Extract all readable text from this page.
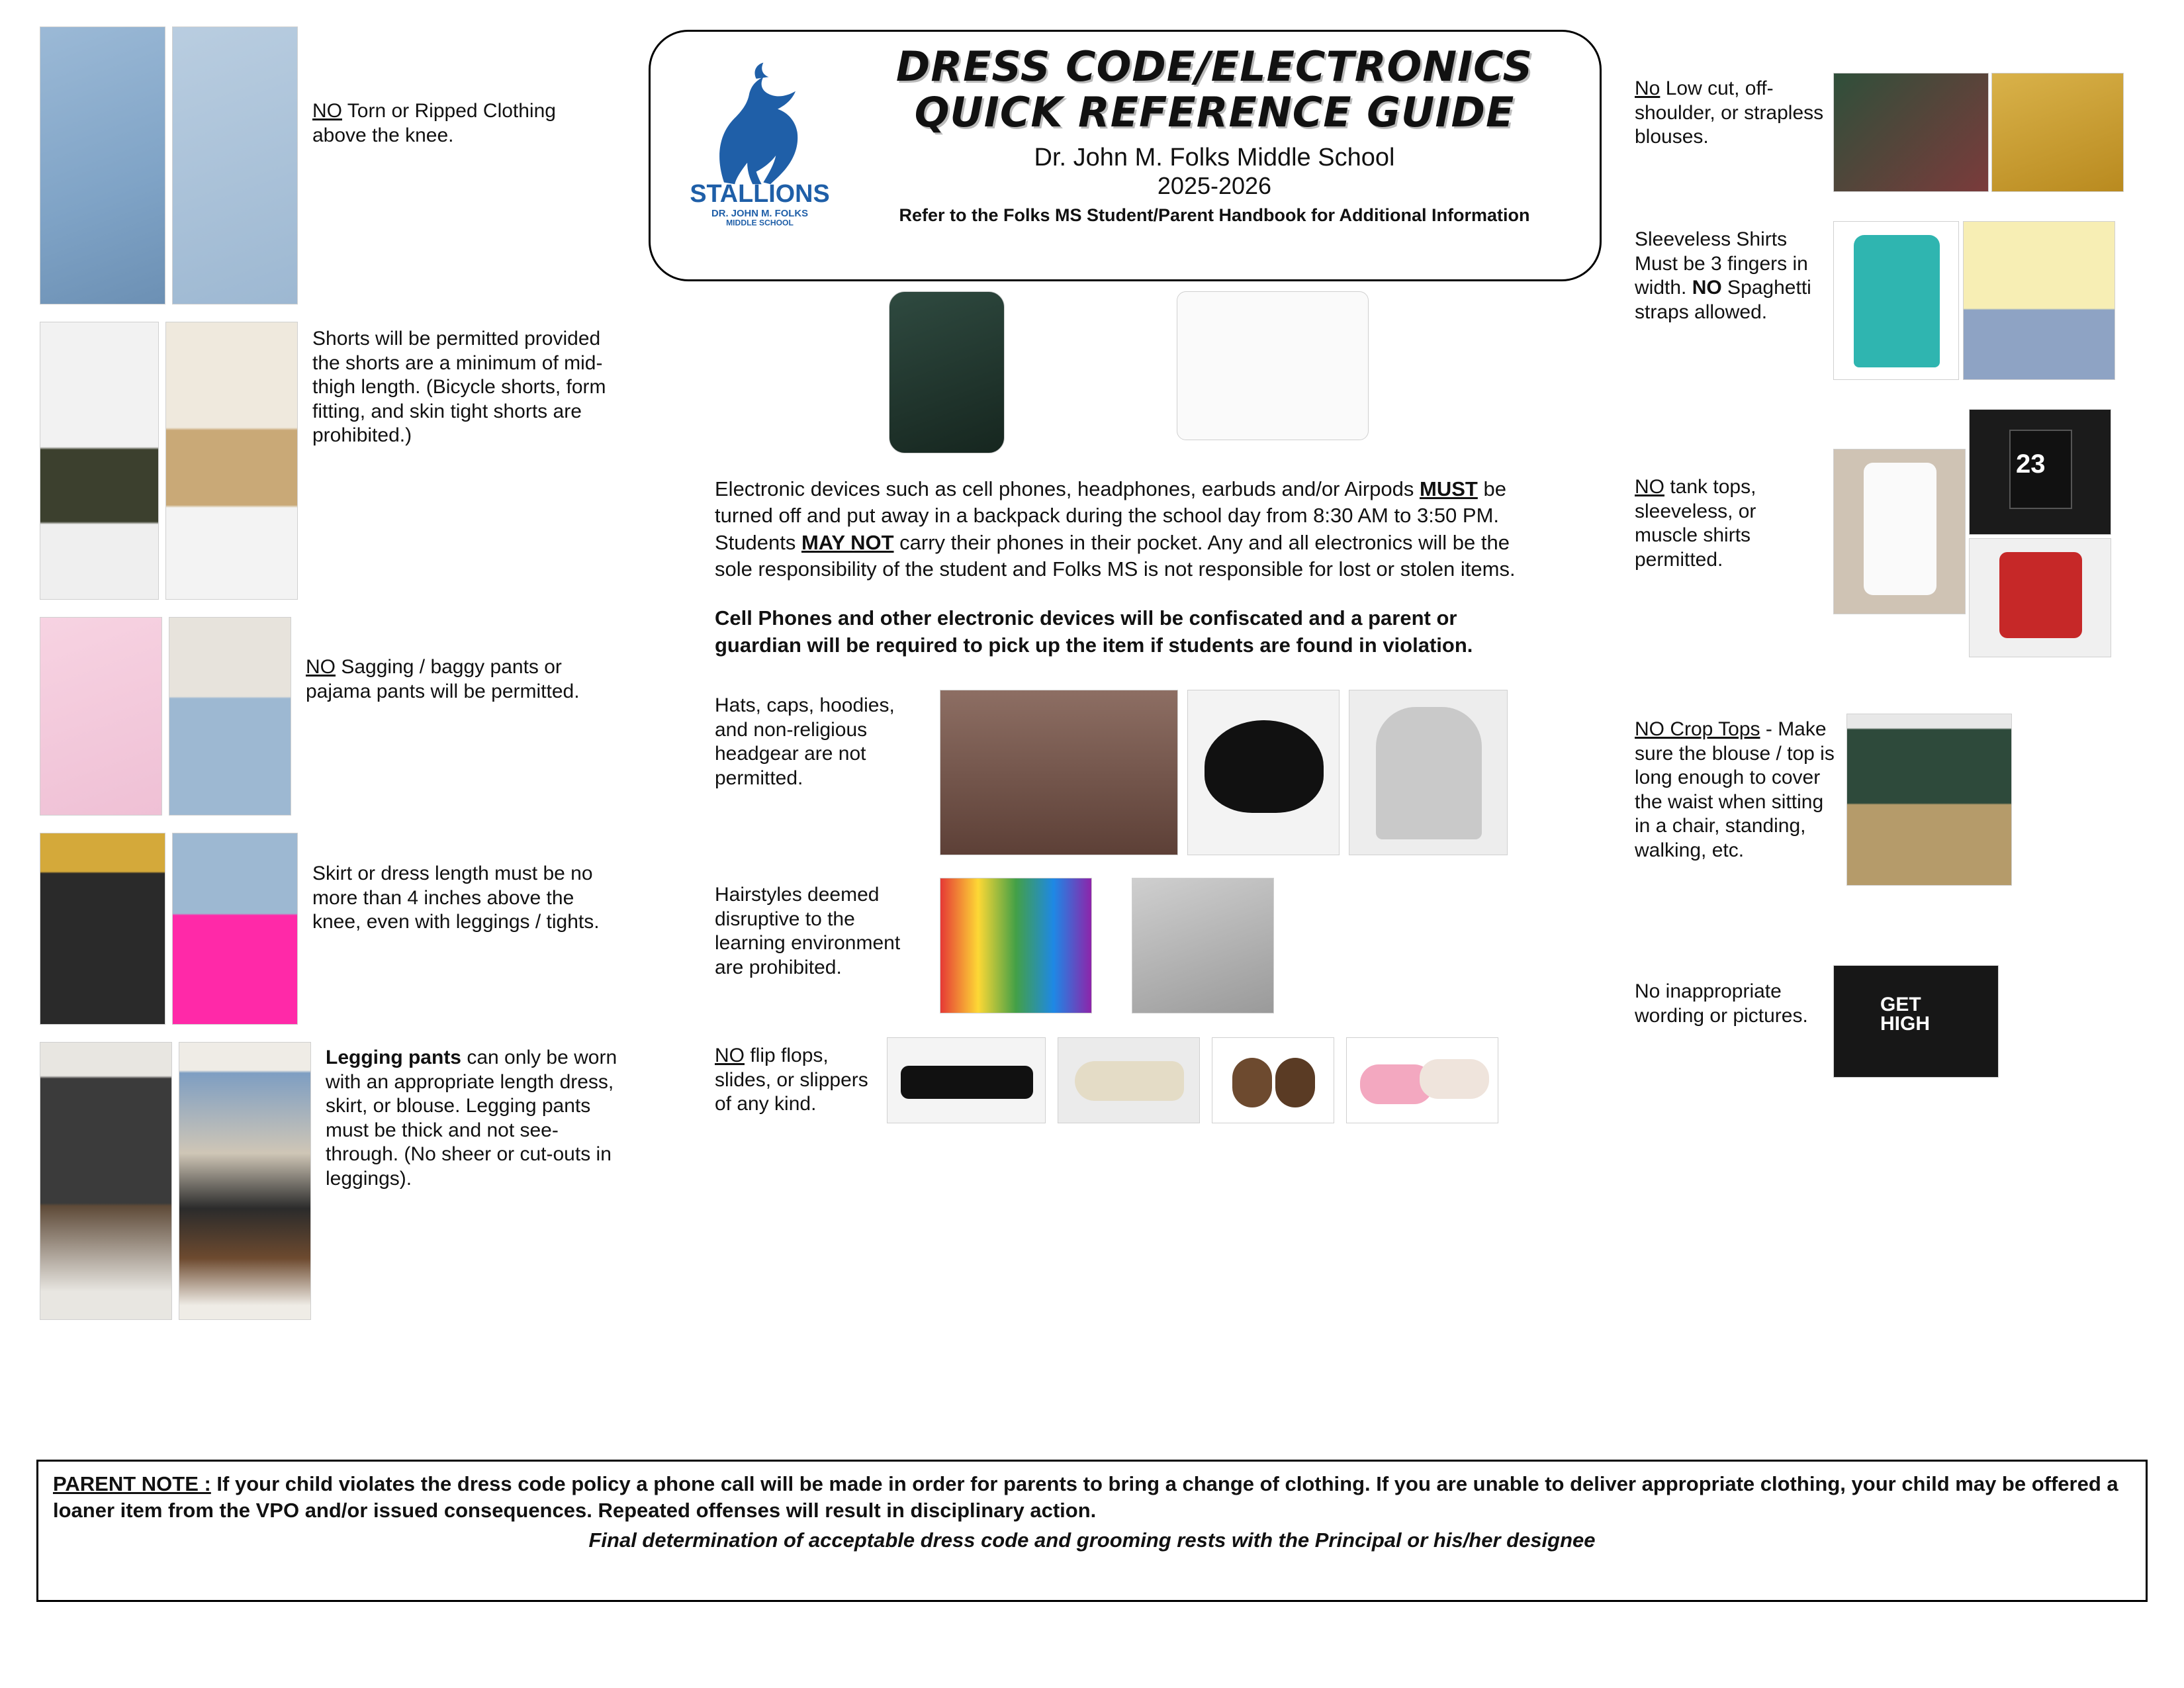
STALLIONS
DR. JOHN M. FOLKS
MIDDLE SCHOOL
DRESS CODE/ELECTRONICS
QUICK REFERENCE GUIDE
Dr. John M. Folks Middle School
2025-2026
Refer to the Folks MS Student/Parent Handbook for Additional Information
NO Torn or Ripped Clothing above the knee.
Shorts will be permitted provided the shorts are a minimum of mid-thigh length. (Bicycle shorts, form fitting, and skin tight shorts are prohibited.)
NO Sagging / baggy pants or pajama pants will be permitted.
Skirt or dress length must be no more than 4 inches above the knee, even with leggings / tights.
Legging pants can only be worn with an appropriate length dress, skirt, or blouse. Legging pants must be thick and not see-through. (No sheer or cut-outs in leggings).
Electronic devices such as cell phones, headphones, earbuds and/or Airpods MUST be turned off and put away in a backpack during the school day from 8:30 AM to 3:50 PM. Students MAY NOT carry their phones in their pocket. Any and all electronics will be the sole responsibility of the student and Folks MS is not responsible for lost or stolen items.
Cell Phones and other electronic devices will be confiscated and a parent or guardian will be required to pick up the item if students are found in violation.
Hats, caps, hoodies, and non-religious headgear are not permitted.
Hairstyles deemed disruptive to the learning environment are prohibited.
NO flip flops, slides, or slippers of any kind.
No Low cut, off-shoulder, or strapless blouses.
Sleeveless Shirts Must be 3 fingers in width. NO Spaghetti straps allowed.
NO tank tops, sleeveless, or muscle shirts permitted.
23
NO Crop Tops - Make sure the blouse / top is long enough to cover the waist when sitting in a chair, standing, walking, etc.
No inappropriate wording or pictures.
GET
HIGH

PARENT NOTE : If your child violates the dress code policy a phone call will be made in order for parents to bring a change of clothing. If you are unable to deliver appropriate clothing, your child may be offered a loaner item from the VPO and/or issued consequences. Repeated offenses will result in disciplinary action.

Final determination of acceptable dress code and grooming rests with the Principal or his/her designee
